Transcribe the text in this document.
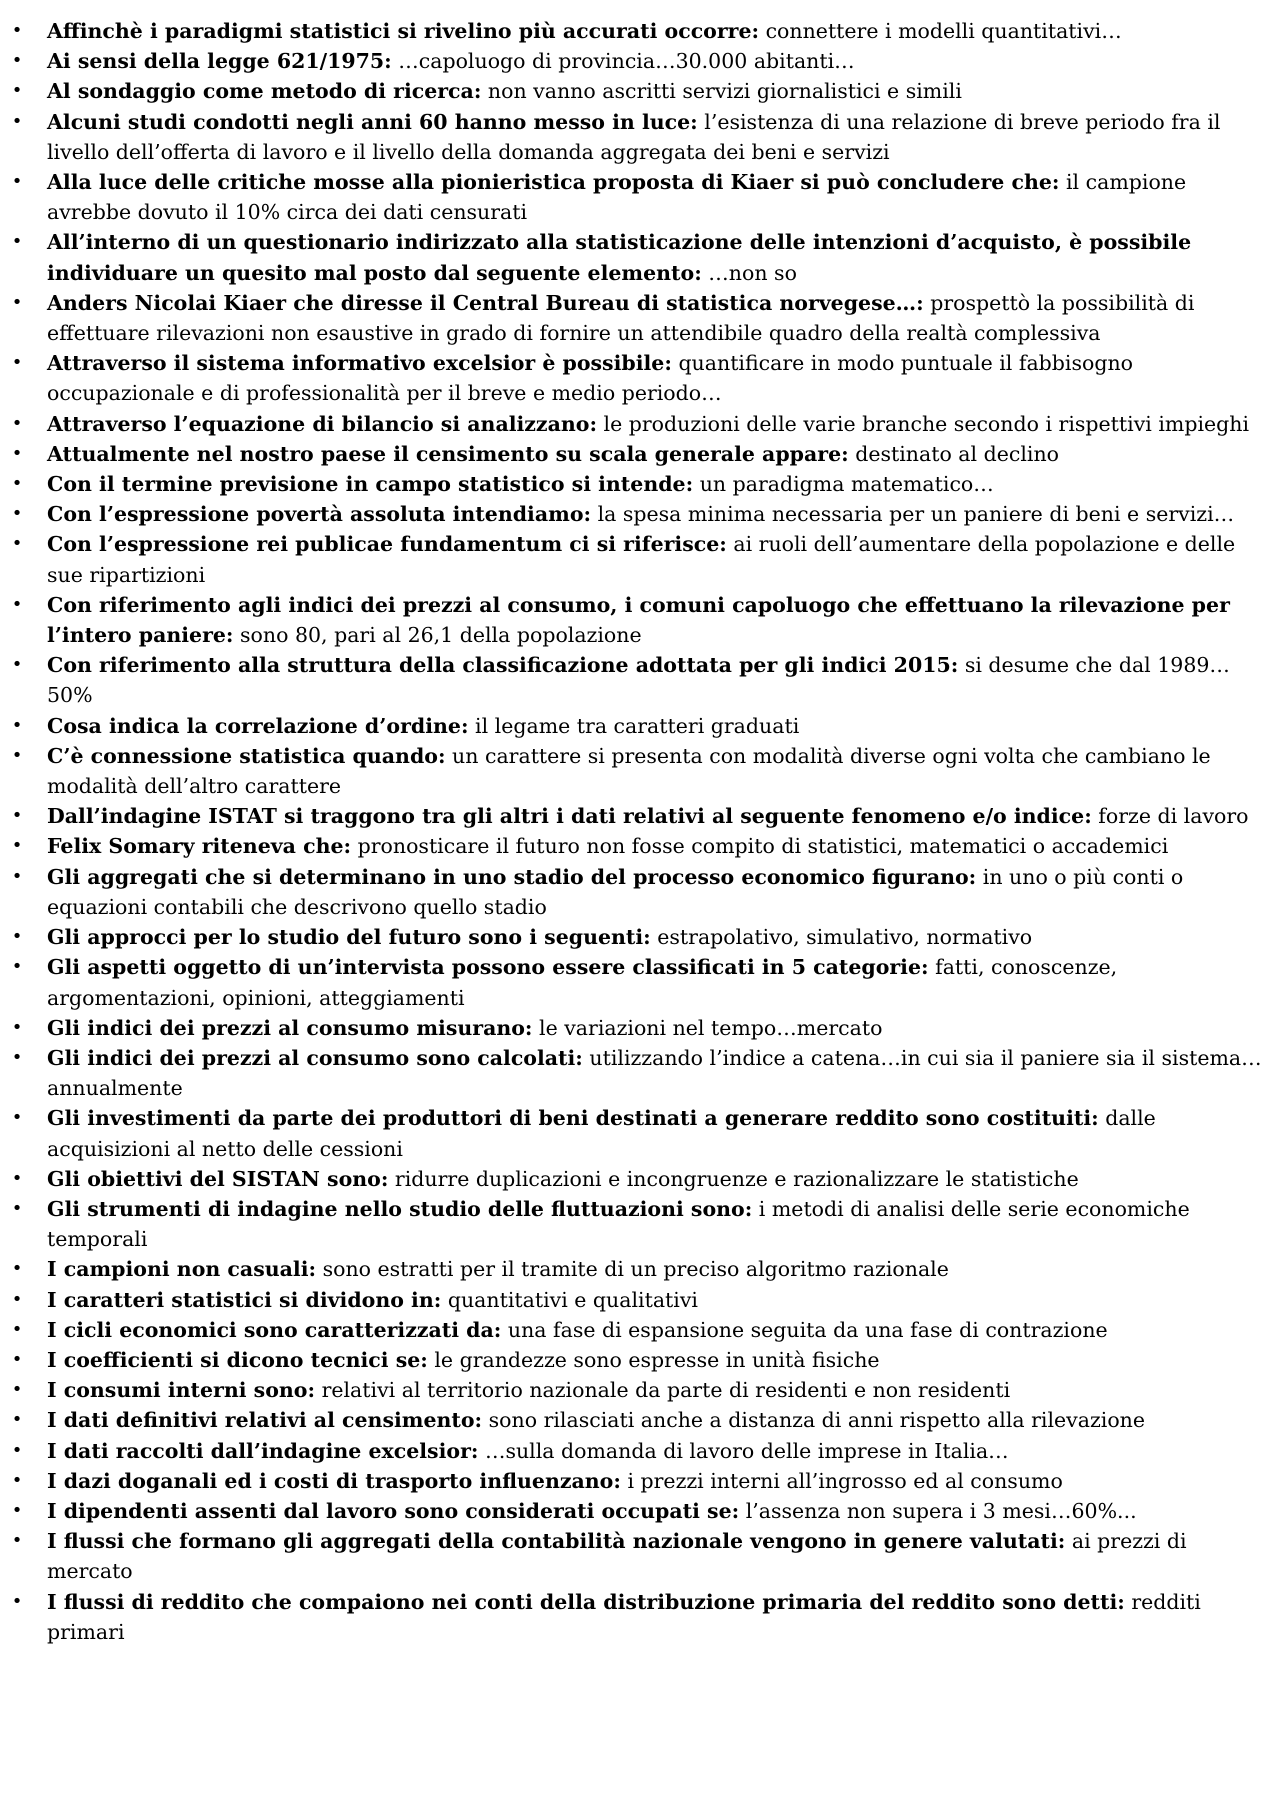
• Affinchè i paradigmi statistici si rivelino più accurati occorre: connettere i modelli quantitativi…
• Ai sensi della legge 621/1975: …capoluogo di provincia…30.000 abitanti…
• Al sondaggio come metodo di ricerca: non vanno ascritti servizi giornalistici e simili
• Alcuni studi condotti negli anni 60 hanno messo in luce: l’esistenza di una relazione di breve periodo fra il livello dell’offerta di lavoro e il livello della domanda aggregata dei beni e servizi
• Alla luce delle critiche mosse alla pionieristica proposta di Kiaer si può concludere che: il campione avrebbe dovuto il 10% circa dei dati censurati
• All’interno di un questionario indirizzato alla statisticazione delle intenzioni d’acquisto, è possibile individuare un quesito mal posto dal seguente elemento: …non so
• Anders Nicolai Kiaer che diresse il Central Bureau di statistica norvegese…: prospettò la possibilità di effettuare rilevazioni non esaustive in grado di fornire un attendibile quadro della realtà complessiva
• Attraverso il sistema informativo excelsior è possibile: quantificare in modo puntuale il fabbisogno occupazionale e di professionalità per il breve e medio periodo…
• Attraverso l’equazione di bilancio si analizzano: le produzioni delle varie branche secondo i rispettivi impieghi
• Attualmente nel nostro paese il censimento su scala generale appare: destinato al declino
• Con il termine previsione in campo statistico si intende: un paradigma matematico…
• Con l’espressione povertà assoluta intendiamo: la spesa minima necessaria per un paniere di beni e servizi…
• Con l’espressione rei publicae fundamentum ci si riferisce: ai ruoli dell’aumentare della popolazione e delle sue ripartizioni
• Con riferimento agli indici dei prezzi al consumo, i comuni capoluogo che effettuano la rilevazione per l’intero paniere: sono 80, pari al 26,1 della popolazione
• Con riferimento alla struttura della classificazione adottata per gli indici 2015: si desume che dal 1989… 50%
• Cosa indica la correlazione d’ordine: il legame tra caratteri graduati
• C’è connessione statistica quando: un carattere si presenta con modalità diverse ogni volta che cambiano le modalità dell’altro carattere
• Dall’indagine ISTAT si traggono tra gli altri i dati relativi al seguente fenomeno e/o indice: forze di lavoro
• Felix Somary riteneva che: pronosticare il futuro non fosse compito di statistici, matematici o accademici
• Gli aggregati che si determinano in uno stadio del processo economico figurano: in uno o più conti o equazioni contabili che descrivono quello stadio
• Gli approcci per lo studio del futuro sono i seguenti: estrapolativo, simulativo, normativo
• Gli aspetti oggetto di un’intervista possono essere classificati in 5 categorie: fatti, conoscenze, argomentazioni, opinioni, atteggiamenti
• Gli indici dei prezzi al consumo misurano: le variazioni nel tempo…mercato
• Gli indici dei prezzi al consumo sono calcolati: utilizzando l’indice a catena…in cui sia il paniere sia il sistema…annualmente
• Gli investimenti da parte dei produttori di beni destinati a generare reddito sono costituiti: dalle acquisizioni al netto delle cessioni
• Gli obiettivi del SISTAN sono: ridurre duplicazioni e incongruenze e razionalizzare le statistiche
• Gli strumenti di indagine nello studio delle fluttuazioni sono: i metodi di analisi delle serie economiche temporali
• I campioni non casuali: sono estratti per il tramite di un preciso algoritmo razionale
• I caratteri statistici si dividono in: quantitativi e qualitativi
• I cicli economici sono caratterizzati da: una fase di espansione seguita da una fase di contrazione
• I coefficienti si dicono tecnici se: le grandezze sono espresse in unità fisiche
• I consumi interni sono: relativi al territorio nazionale da parte di residenti e non residenti
• I dati definitivi relativi al censimento: sono rilasciati anche a distanza di anni rispetto alla rilevazione
• I dati raccolti dall’indagine excelsior: …sulla domanda di lavoro delle imprese in Italia…
• I dazi doganali ed i costi di trasporto influenzano: i prezzi interni all’ingrosso ed al consumo
• I dipendenti assenti dal lavoro sono considerati occupati se: l’assenza non supera i 3 mesi…60%...
• I flussi che formano gli aggregati della contabilità nazionale vengono in genere valutati: ai prezzi di mercato
• I flussi di reddito che compaiono nei conti della distribuzione primaria del reddito sono detti: redditi primari
